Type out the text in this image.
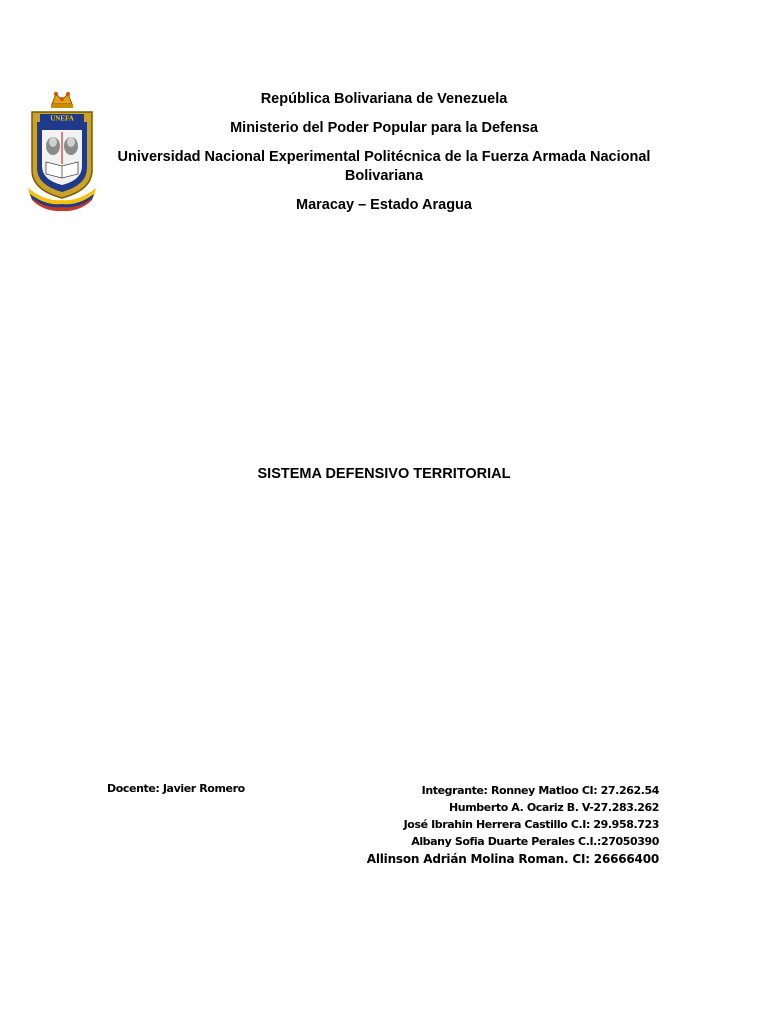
UNEFA
República Bolivariana de Venezuela
Ministerio del Poder Popular para la Defensa
Universidad Nacional Experimental Politécnica de la Fuerza Armada Nacional Bolivariana
Maracay – Estado Aragua
SISTEMA DEFENSIVO TERRITORIAL
Docente: Javier Romero	Integrante: Ronney Matloo CI: 27.262.54
Humberto A. Ocariz B. V-27.283.262
José Ibrahin Herrera Castillo C.I: 29.958.723
Albany Sofia Duarte Perales C.I.:27050390
Allinson Adrián Molina Roman. CI: 26666400
